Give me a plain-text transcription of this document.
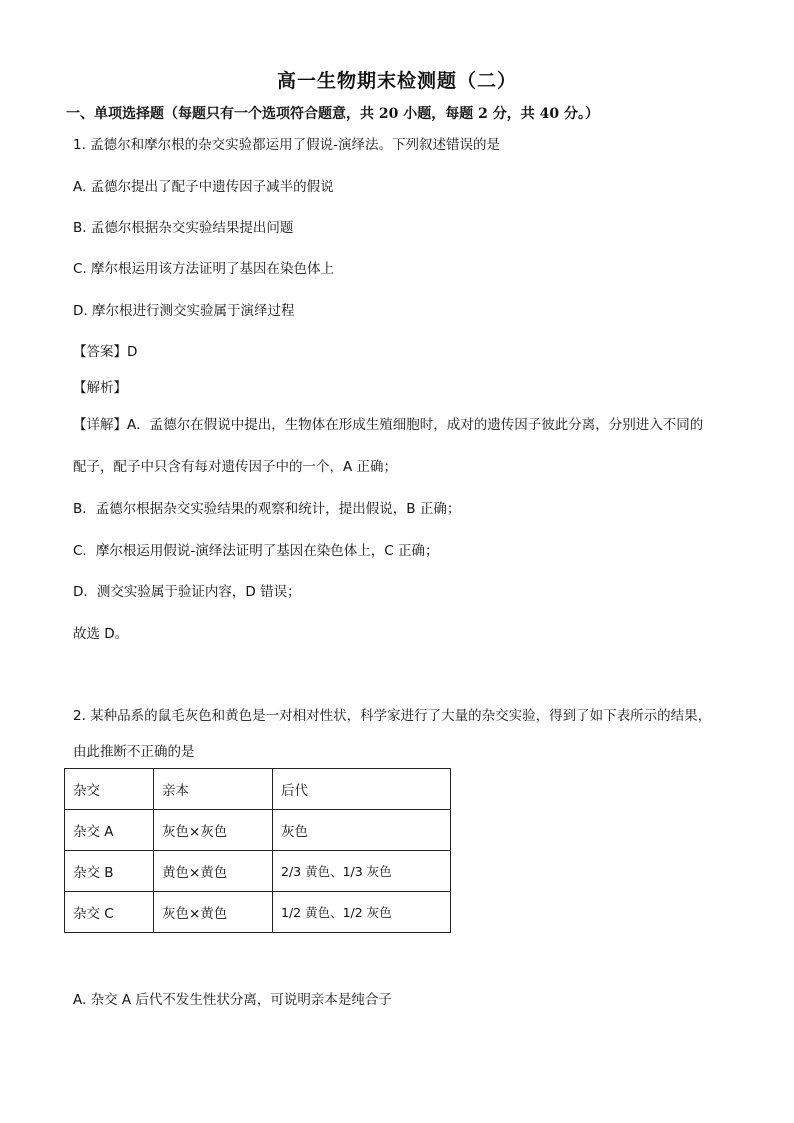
高一生物期末检测题（二）
一、单项选择题（每题只有一个选项符合题意，共 20 小题，每题 2 分，共 40 分。）
1. 孟德尔和摩尔根的杂交实验都运用了假说-演绎法。下列叙述错误的是
A. 孟德尔提出了配子中遗传因子减半的假说
B. 孟德尔根据杂交实验结果提出问题
C. 摩尔根运用该方法证明了基因在染色体上
D. 摩尔根进行测交实验属于演绎过程
【答案】D
【解析】
【详解】A．孟德尔在假说中提出，生物体在形成生殖细胞时，成对的遗传因子彼此分离，分别进入不同的
配子，配子中只含有每对遗传因子中的一个，A 正确；
B．孟德尔根据杂交实验结果的观察和统计，提出假说，B 正确；
C．摩尔根运用假说-演绎法证明了基因在染色体上，C 正确；
D．测交实验属于验证内容，D 错误；
故选 D。
2. 某种品系的鼠毛灰色和黄色是一对相对性状，科学家进行了大量的杂交实验，得到了如下表所示的结果，
由此推断不正确的是
杂交	亲本	后代
杂交 A	灰色×灰色	灰色
杂交 B	黄色×黄色	2/3 黄色、1/3 灰色
杂交 C	灰色×黄色	1/2 黄色、1/2 灰色
A. 杂交 A 后代不发生性状分离，可说明亲本是纯合子
